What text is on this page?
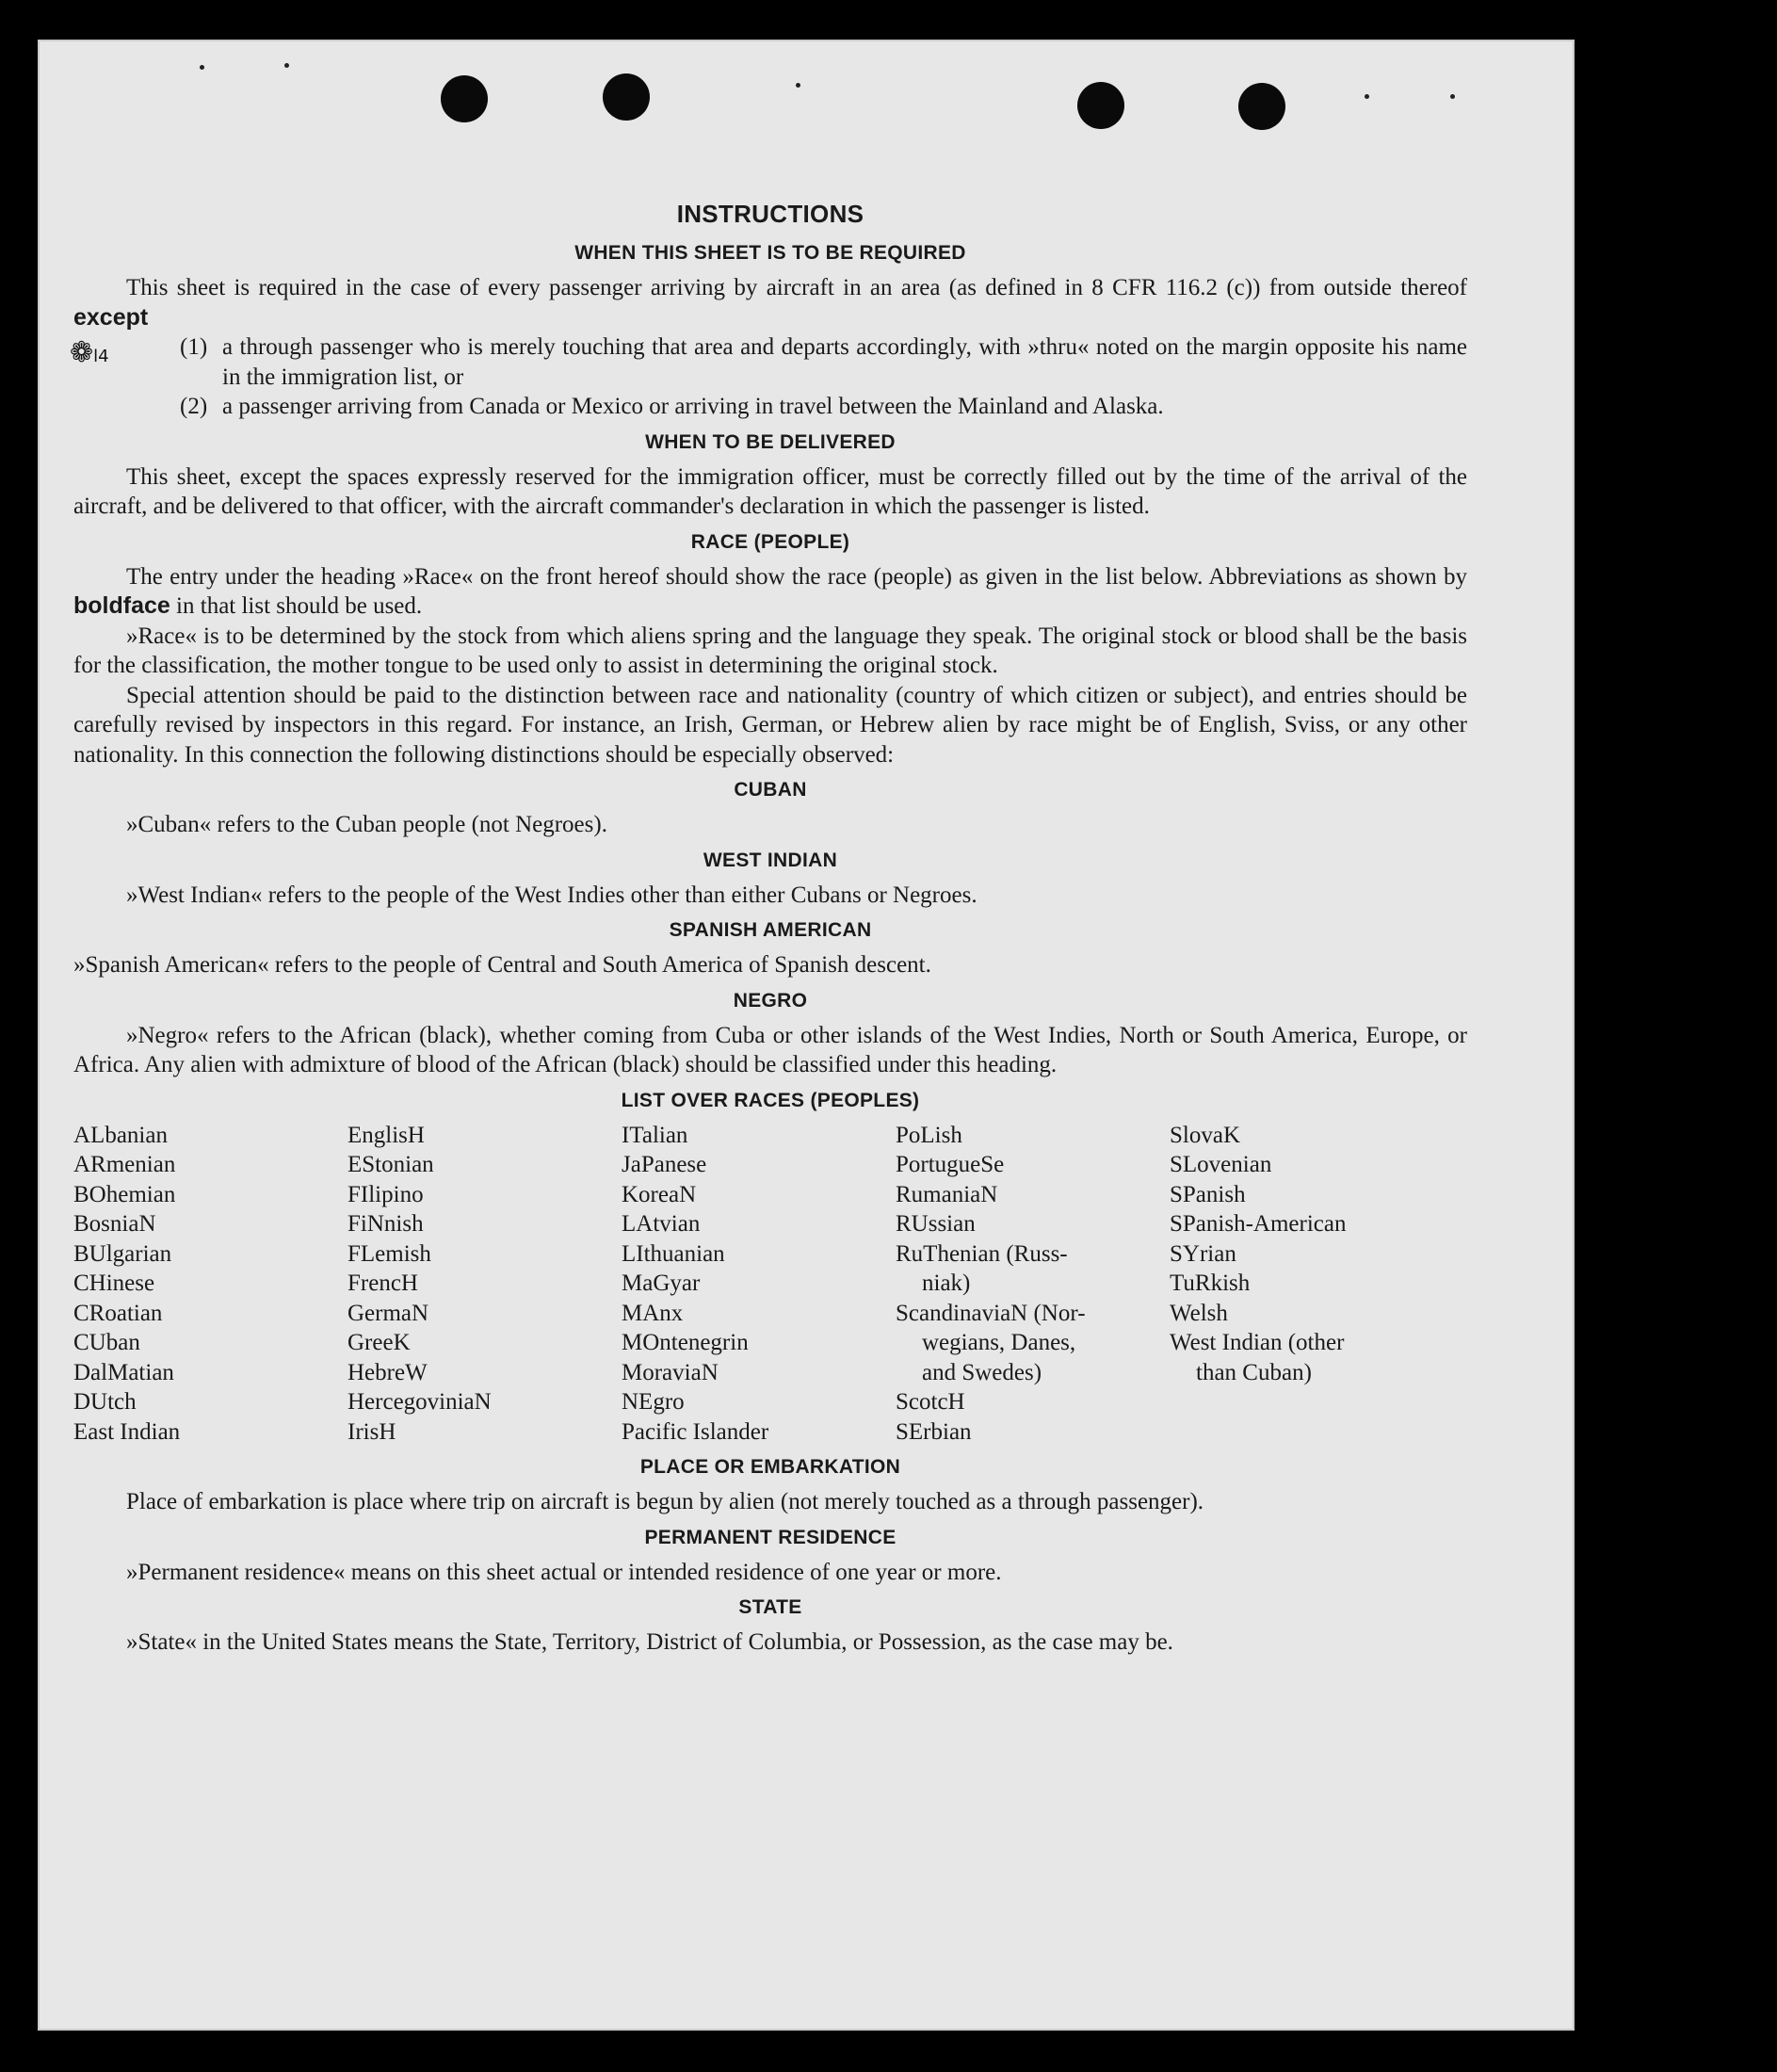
❁l4
INSTRUCTIONS
WHEN THIS SHEET IS TO BE REQUIRED

This sheet is required in the case of every passenger arriving by aircraft in an area (as defined in 8 CFR 116.2 (c)) from outside thereof except

(1) a through passenger who is merely touching that area and departs accordingly, with »thru« noted on the margin opposite his name in the immigration list, or
(2) a passenger arriving from Canada or Mexico or arriving in travel between the Mainland and Alaska.
WHEN TO BE DELIVERED

This sheet, except the spaces expressly reserved for the immigration officer, must be correctly filled out by the time of the arrival of the aircraft, and be delivered to that officer, with the aircraft commander's declaration in which the passenger is listed.

RACE (PEOPLE)

The entry under the heading »Race« on the front hereof should show the race (people) as given in the list below. Abbreviations as shown by boldface in that list should be used.

»Race« is to be determined by the stock from which aliens spring and the language they speak. The original stock or blood shall be the basis for the classification, the mother tongue to be used only to assist in determining the original stock.

Special attention should be paid to the distinction between race and nationality (country of which citizen or subject), and entries should be carefully revised by inspectors in this regard. For instance, an Irish, German, or Hebrew alien by race might be of English, Sviss, or any other nationality. In this connection the following distinctions should be especially observed:

CUBAN

»Cuban« refers to the Cuban people (not Negroes).

WEST INDIAN

»West Indian« refers to the people of the West Indies other than either Cubans or Negroes.

SPANISH AMERICAN

»Spanish American« refers to the people of Central and South America of Spanish descent.

NEGRO

»Negro« refers to the African (black), whether coming from Cuba or other islands of the West Indies, North or South America, Europe, or Africa. Any alien with admixture of blood of the African (black) should be classified under this heading.

LIST OVER RACES (PEOPLES)
ALbanian
ARmenian
BOhemian
BosniaN
BUlgarian
CHinese
CRoatian
CUban
DalMatian
DUtch
East Indian
EnglisH
EStonian
FIlipino
FiNnish
FLemish
FrencH
GermaN
GreeK
HebreW
HercegoviniaN
IrisH
ITalian
JaPanese
KoreaN
LAtvian
LIthuanian
MaGyar
MAnx
MOntenegrin
MoraviaN
NEgro
Pacific Islander
PoLish
PortugueSe
RumaniaN
RUssian
RuThenian (Russ-
niak)
ScandinaviaN (Nor-
wegians, Danes,
and Swedes)
ScotcH
SErbian
SlovaK
SLovenian
SPanish
SPanish-American
SYrian
TuRkish
Welsh
West Indian (other
than Cuban)
PLACE OR EMBARKATION

Place of embarkation is place where trip on aircraft is begun by alien (not merely touched as a through passenger).

PERMANENT RESIDENCE

»Permanent residence« means on this sheet actual or intended residence of one year or more.

STATE

»State« in the United States means the State, Territory, District of Columbia, or Possession, as the case may be.
